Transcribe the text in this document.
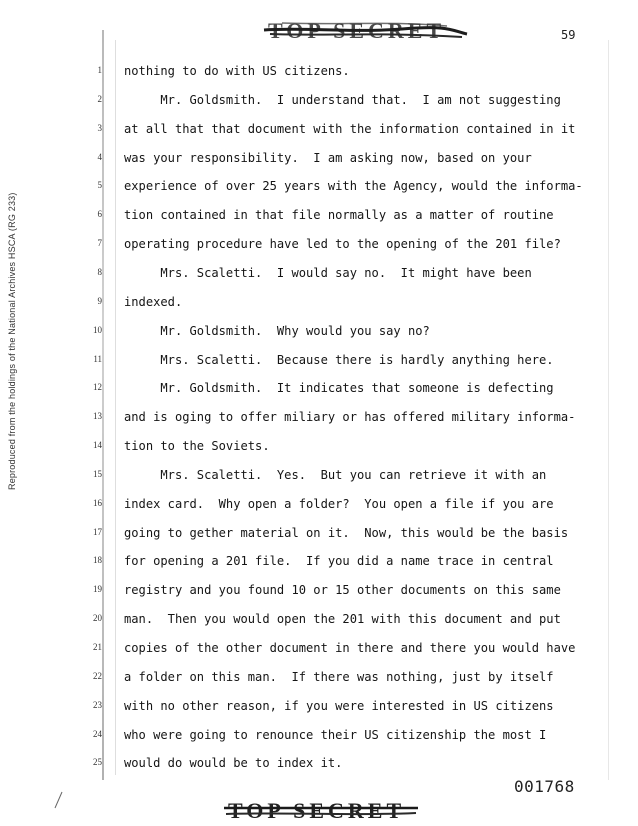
Reproduced from the holdings of the National Archives HSCA (RG 233)
TOP SECRET	59
1
2
3
4
5
6
7
8
9
10
11
12
13
14
15
16
17
18
19
20
21
22
23
24
25
nothing to do with US citizens.
Mr. Goldsmith.  I understand that.  I am not suggesting
at all that that document with the information contained in it
was your responsibility.  I am asking now, based on your
experience of over 25 years with the Agency, would the informa-
tion contained in that file normally as a matter of routine
operating procedure have led to the opening of the 201 file?
Mrs. Scaletti.  I would say no.  It might have been
indexed.
Mr. Goldsmith.  Why would you say no?
Mrs. Scaletti.  Because there is hardly anything here.
Mr. Goldsmith.  It indicates that someone is defecting
and is oging to offer miliary or has offered military informa-
tion to the Soviets.
Mrs. Scaletti.  Yes.  But you can retrieve it with an
index card.  Why open a folder?  You open a file if you are
going to gether material on it.  Now, this would be the basis
for opening a 201 file.  If you did a name trace in central
registry and you found 10 or 15 other documents on this same
man.  Then you would open the 201 with this document and put
copies of the other document in there and there you would have
a folder on this man.  If there was nothing, just by itself
with no other reason, if you were interested in US citizens
who were going to renounce their US citizenship the most I
would do would be to index it.
001768
TOP SECRET
